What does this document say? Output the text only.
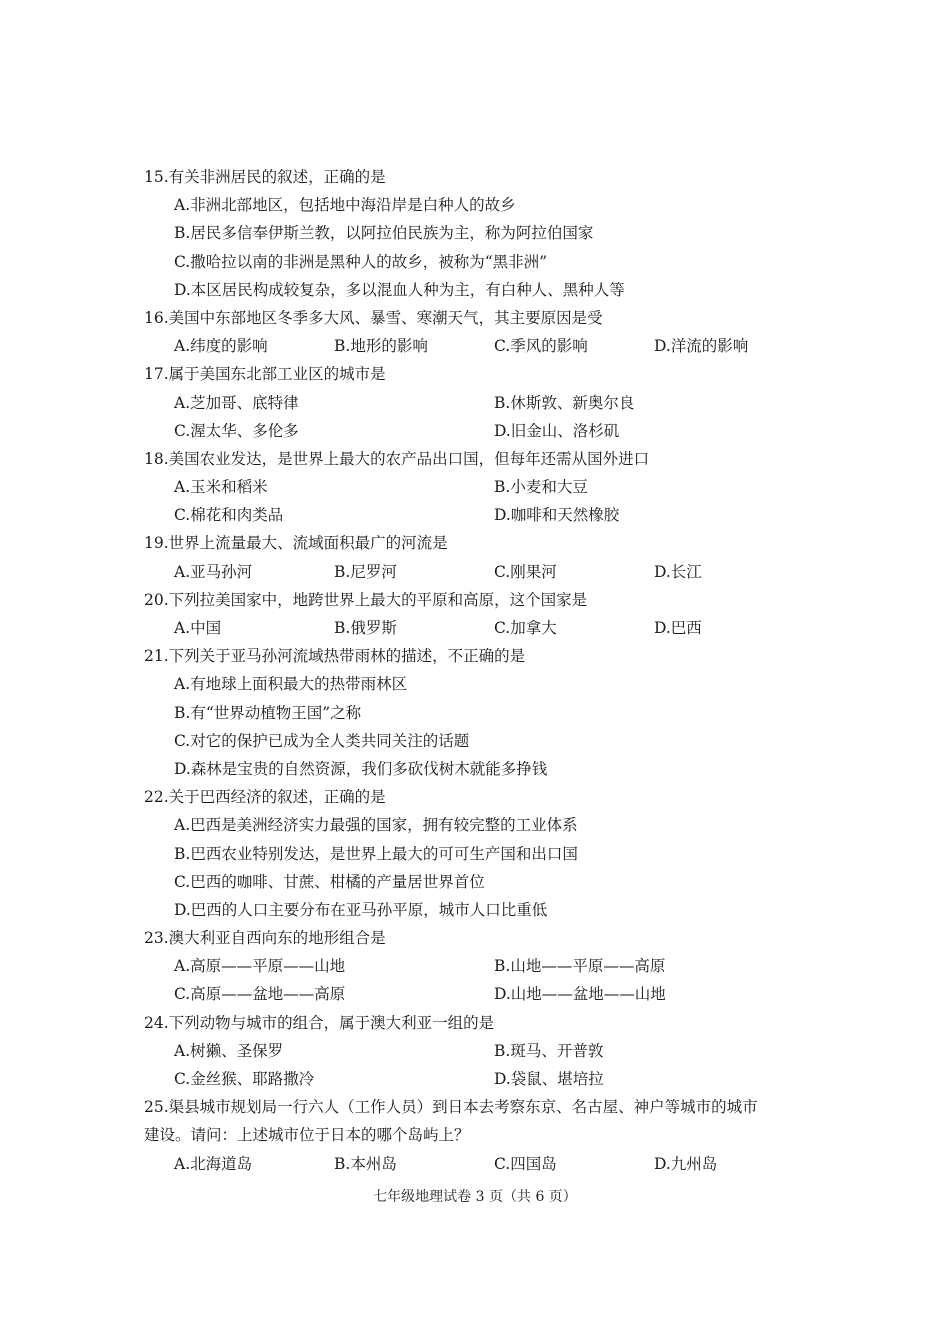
15.有关非洲居民的叙述，正确的是
A.非洲北部地区，包括地中海沿岸是白种人的故乡
B.居民多信奉伊斯兰教，以阿拉伯民族为主，称为阿拉伯国家
C.撒哈拉以南的非洲是黑种人的故乡，被称为“黑非洲”
D.本区居民构成较复杂，多以混血人种为主，有白种人、黑种人等
16.美国中东部地区冬季多大风、暴雪、寒潮天气，其主要原因是受
A.纬度的影响	B.地形的影响	C.季风的影响	D.洋流的影响
17.属于美国东北部工业区的城市是
A.芝加哥、底特律	B.休斯敦、新奥尔良
C.渥太华、多伦多	D.旧金山、洛杉矶
18.美国农业发达，是世界上最大的农产品出口国，但每年还需从国外进口
A.玉米和稻米	B.小麦和大豆
C.棉花和肉类品	D.咖啡和天然橡胶
19.世界上流量最大、流域面积最广的河流是
A.亚马孙河	B.尼罗河	C.刚果河	D.长江
20.下列拉美国家中，地跨世界上最大的平原和高原，这个国家是
A.中国	B.俄罗斯	C.加拿大	D.巴西
21.下列关于亚马孙河流域热带雨林的描述，不正确的是
A.有地球上面积最大的热带雨林区
B.有“世界动植物王国”之称
C.对它的保护已成为全人类共同关注的话题
D.森林是宝贵的自然资源，我们多砍伐树木就能多挣钱
22.关于巴西经济的叙述，正确的是
A.巴西是美洲经济实力最强的国家，拥有较完整的工业体系
B.巴西农业特别发达，是世界上最大的可可生产国和出口国
C.巴西的咖啡、甘蔗、柑橘的产量居世界首位
D.巴西的人口主要分布在亚马孙平原，城市人口比重低
23.澳大利亚自西向东的地形组合是
A.高原——平原——山地	B.山地——平原——高原
C.高原——盆地——高原	D.山地——盆地——山地
24.下列动物与城市的组合，属于澳大利亚一组的是
A.树獭、圣保罗	B.斑马、开普敦
C.金丝猴、耶路撒冷	D.袋鼠、堪培拉
25.渠县城市规划局一行六人（工作人员）到日本去考察东京、名古屋、神户等城市的城市
建设。请问：上述城市位于日本的哪个岛屿上？
A.北海道岛	B.本州岛	C.四国岛	D.九州岛
七年级地理试卷 3 页（共 6 页）
